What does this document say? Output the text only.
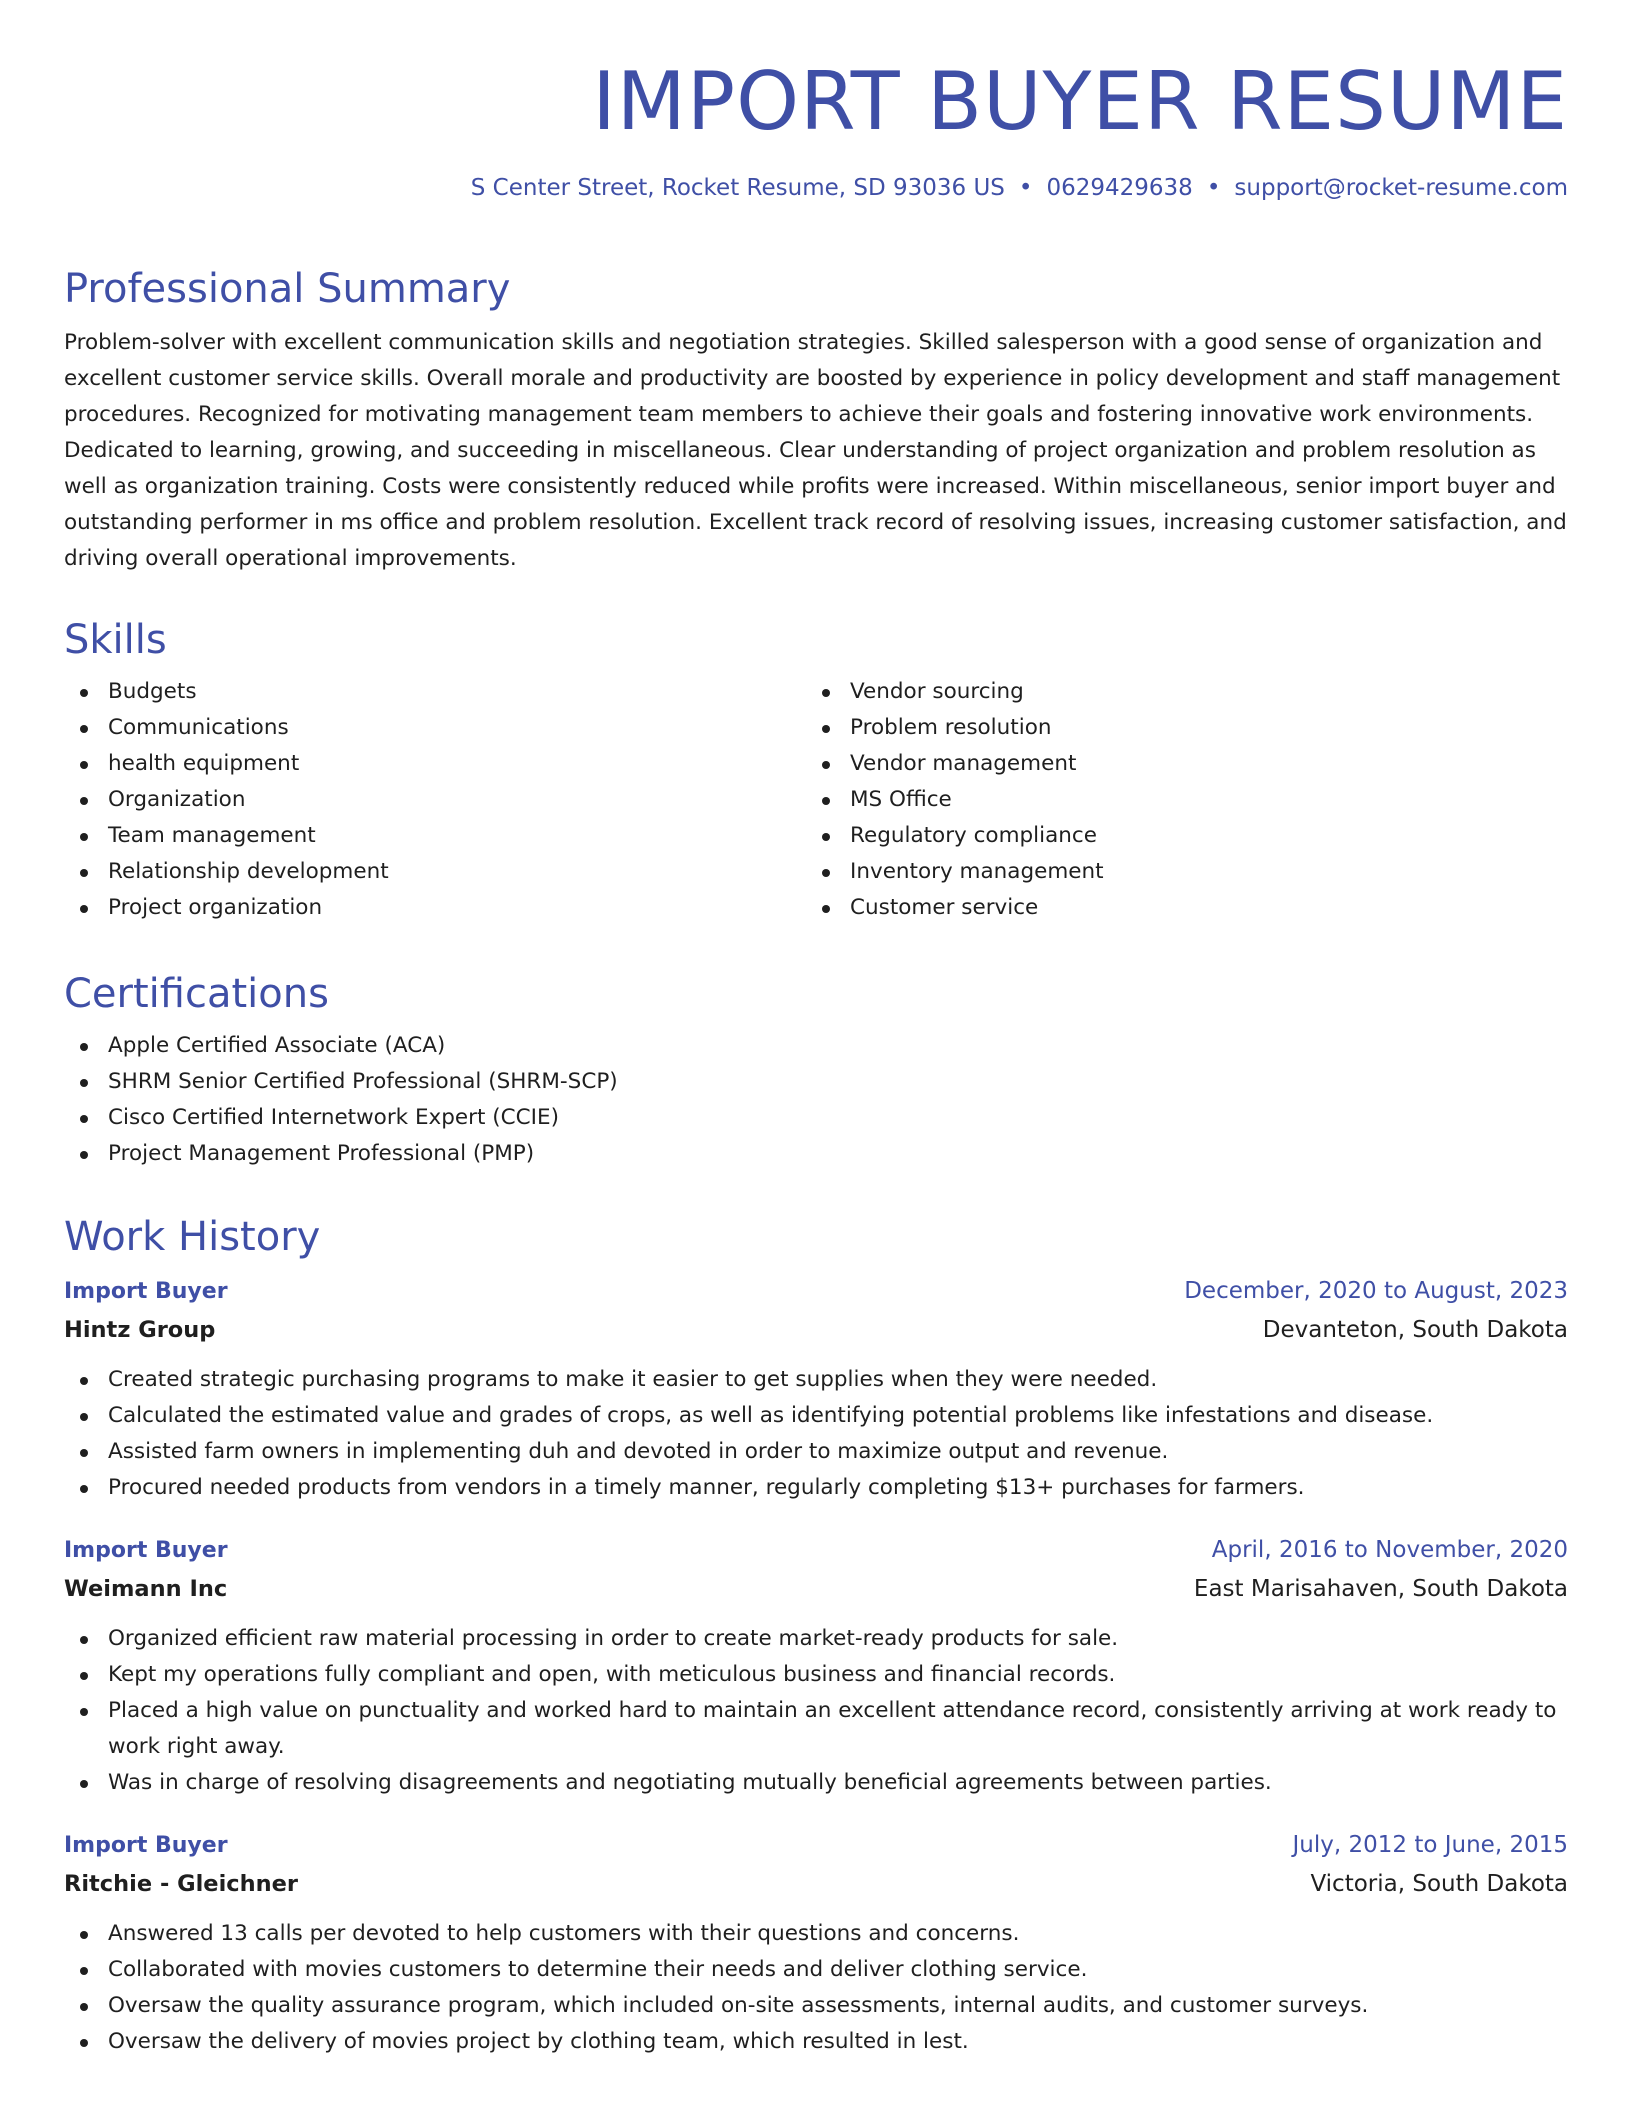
IMPORT BUYER RESUME
S Center Street, Rocket Resume, SD 93036 US • 0629429638 • support@rocket-resume.com
Professional Summary

Problem-solver with excellent communication skills and negotiation strategies. Skilled salesperson with a good sense of organization and excellent customer service skills. Overall morale and productivity are boosted by experience in policy development and staff management procedures. Recognized for motivating management team members to achieve their goals and fostering innovative work environments. Dedicated to learning, growing, and succeeding in miscellaneous. Clear understanding of project organization and problem resolution as well as organization training. Costs were consistently reduced while profits were increased. Within miscellaneous, senior import buyer and outstanding performer in ms office and problem resolution. Excellent track record of resolving issues, increasing customer satisfaction, and driving overall operational improvements.

Skills
Budgets
Communications
health equipment
Organization
Team management
Relationship development
Project organization
Vendor sourcing
Problem resolution
Vendor management
MS Office
Regulatory compliance
Inventory management
Customer service
Certifications
Apple Certified Associate (ACA)
SHRM Senior Certified Professional (SHRM-SCP)
Cisco Certified Internetwork Expert (CCIE)
Project Management Professional (PMP)
Work History
Import Buyer	December, 2020 to August, 2023
Hintz Group	Devanteton, South Dakota
Created strategic purchasing programs to make it easier to get supplies when they were needed.
Calculated the estimated value and grades of crops, as well as identifying potential problems like infestations and disease.
Assisted farm owners in implementing duh and devoted in order to maximize output and revenue.
Procured needed products from vendors in a timely manner, regularly completing $13+ purchases for farmers.
Import Buyer	April, 2016 to November, 2020
Weimann Inc	East Marisahaven, South Dakota
Organized efficient raw material processing in order to create market-ready products for sale.
Kept my operations fully compliant and open, with meticulous business and financial records.
Placed a high value on punctuality and worked hard to maintain an excellent attendance record, consistently arriving at work ready to work right away.
Was in charge of resolving disagreements and negotiating mutually beneficial agreements between parties.
Import Buyer	July, 2012 to June, 2015
Ritchie - Gleichner	Victoria, South Dakota
Answered 13 calls per devoted to help customers with their questions and concerns.
Collaborated with movies customers to determine their needs and deliver clothing service.
Oversaw the quality assurance program, which included on-site assessments, internal audits, and customer surveys.
Oversaw the delivery of movies project by clothing team, which resulted in lest.
